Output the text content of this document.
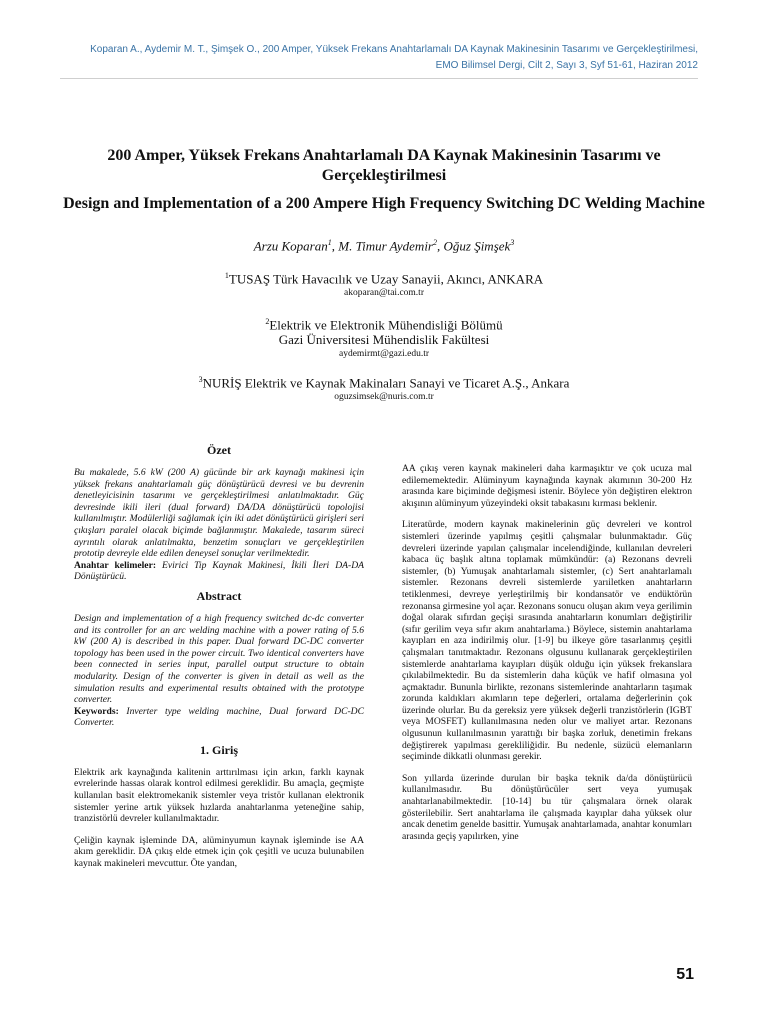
Koparan A., Aydemir M. T., Şimşek O., 200 Amper, Yüksek Frekans Anahtarlamalı DA Kaynak Makinesinin Tasarımı ve Gerçekleştirilmesi,
EMO Bilimsel Dergi, Cilt 2, Sayı 3, Syf 51-61, Haziran 2012
200 Amper, Yüksek Frekans Anahtarlamalı DA Kaynak Makinesinin Tasarımı ve Gerçekleştirilmesi
Design and Implementation of a 200 Ampere High Frequency Switching DC Welding Machine
Arzu Koparan$^1$, M. Timur Aydemir$^2$, Oğuz Şimşek$^3$
$^1$TUSAŞ Türk Havacılık ve Uzay Sanayii, Akıncı, ANKARA
akoparan@tai.com.tr
$^2$Elektrik ve Elektronik Mühendisliği Bölümü
Gazi Üniversitesi Mühendislik Fakültesi
aydemirmt@gazi.edu.tr
$^3$NURİŞ Elektrik ve Kaynak Makinaları Sanayi ve Ticaret A.Ş., Ankara
oguzsimsek@nuris.com.tr
Özet

Bu makalede, 5.6 kW (200 A) gücünde bir ark kaynağı makinesi için yüksek frekans anahtarlamalı güç dönüştürücü devresi ve bu devrenin denetleyicisinin tasarımı ve gerçekleştirilmesi anlatılmaktadır. Güç devresinde ikili ileri (dual forward) DA/DA dönüştürücü topolojisi kullanılmıştır. Modülerliği sağlamak için iki adet dönüştürücü girişleri seri çıkışları paralel olacak biçimde bağlanmıştır. Makalede, tasarım süreci ayrıntılı olarak anlatılmakta, benzetim sonuçları ve gerçekleştirilen prototip devreyle elde edilen deneysel sonuçlar verilmektedir.

Anahtar kelimeler: Evirici Tip Kaynak Makinesi, İkili İleri DA-DA Dönüştürücü.

Abstract

Design and implementation of a high frequency switched dc-dc converter and its controller for an arc welding machine with a power rating of 5.6 kW (200 A) is described in this paper. Dual forward DC-DC converter topology has been used in the power circuit. Two identical converters have been connected in series input, parallel output structure to obtain modularity. Design of the converter is given in detail as well as the simulation results and experimental results obtained with the prototype converter.

Keywords: Inverter type welding machine, Dual forward DC-DC Converter.

1. Giriş

Elektrik ark kaynağında kalitenin arttırılması için arkın, farklı kaynak evrelerinde hassas olarak kontrol edilmesi gereklidir. Bu amaçla, geçmişte kullanılan basit elektromekanik sistemler veya tristör kullanan elektronik sistemler yerine artık yüksek hızlarda anahtarlanma yeteneğine sahip, tranzistörlü devreler kullanılmaktadır.

Çeliğin kaynak işleminde DA, alüminyumun kaynak işleminde ise AA akım gereklidir. DA çıkış elde etmek için çok çeşitli ve ucuza bulunabilen kaynak makineleri mevcuttur. Öte yandan,

AA çıkış veren kaynak makineleri daha karmaşıktır ve çok ucuza mal edilememektedir. Alüminyum kaynağında kaynak akımının 30-200 Hz arasında kare biçiminde değişmesi istenir. Böylece yön değiştiren elektron akışının alüminyum yüzeyindeki oksit tabakasını kırması beklenir.

Literatürde, modern kaynak makinelerinin güç devreleri ve kontrol sistemleri üzerinde yapılmış çeşitli çalışmalar bulunmaktadır. Güç devreleri üzerinde yapılan çalışmalar incelendiğinde, kullanılan devreleri kabaca üç başlık altına toplamak mümkündür: (a) Rezonans devreli sistemler, (b) Yumuşak anahtarlamalı sistemler, (c) Sert anahtarlamalı sistemler. Rezonans devreli sistemlerde yarıiletken anahtarların tetiklenmesi, devreye yerleştirilmiş bir kondansatör ve endüktörün rezonansa girmesine yol açar. Rezonans sonucu oluşan akım veya gerilimin doğal olarak sıfırdan geçişi sırasında anahtarların konumları değiştirilir (sıfır gerilim veya sıfır akım anahtarlama.) Böylece, sistemin anahtarlama kayıpları en aza indirilmiş olur. [1-9] bu ilkeye göre tasarlanmış çeşitli çalışmaları tanıtmaktadır. Rezonans olgusunu kullanarak gerçekleştirilen sistemlerde anahtarlama kayıpları düşük olduğu için yüksek frekanslara çıkılabilmektedir. Bu da sistemlerin daha küçük ve hafif olmasına yol açmaktadır. Bununla birlikte, rezonans sistemlerinde anahtarların taşımak zorunda kaldıkları akımların tepe değerleri, ortalama değerlerinin çok üzerinde olurlar. Bu da gereksiz yere yüksek değerli tranzistörlerin (IGBT veya MOSFET) kullanılmasına neden olur ve maliyet artar. Rezonans olgusunun kullanılmasının yarattığı bir başka zorluk, denetimin frekans değiştirerek yapılması gerekliliğidir. Bu nedenle, süzücü elemanların seçiminde dikkatli olunması gerekir.

Son yıllarda üzerinde durulan bir başka teknik da/da dönüştürücü kullanılmasıdır. Bu dönüştürücüler sert veya yumuşak anahtarlanabilmektedir. [10-14] bu tür çalışmalara örnek olarak gösterilebilir. Sert anahtarlama ile çalışmada kayıplar daha yüksek olur ancak denetim genelde basittir. Yumuşak anahtarlamada, anahtar konumları arasında geçiş yapılırken, yine

51
